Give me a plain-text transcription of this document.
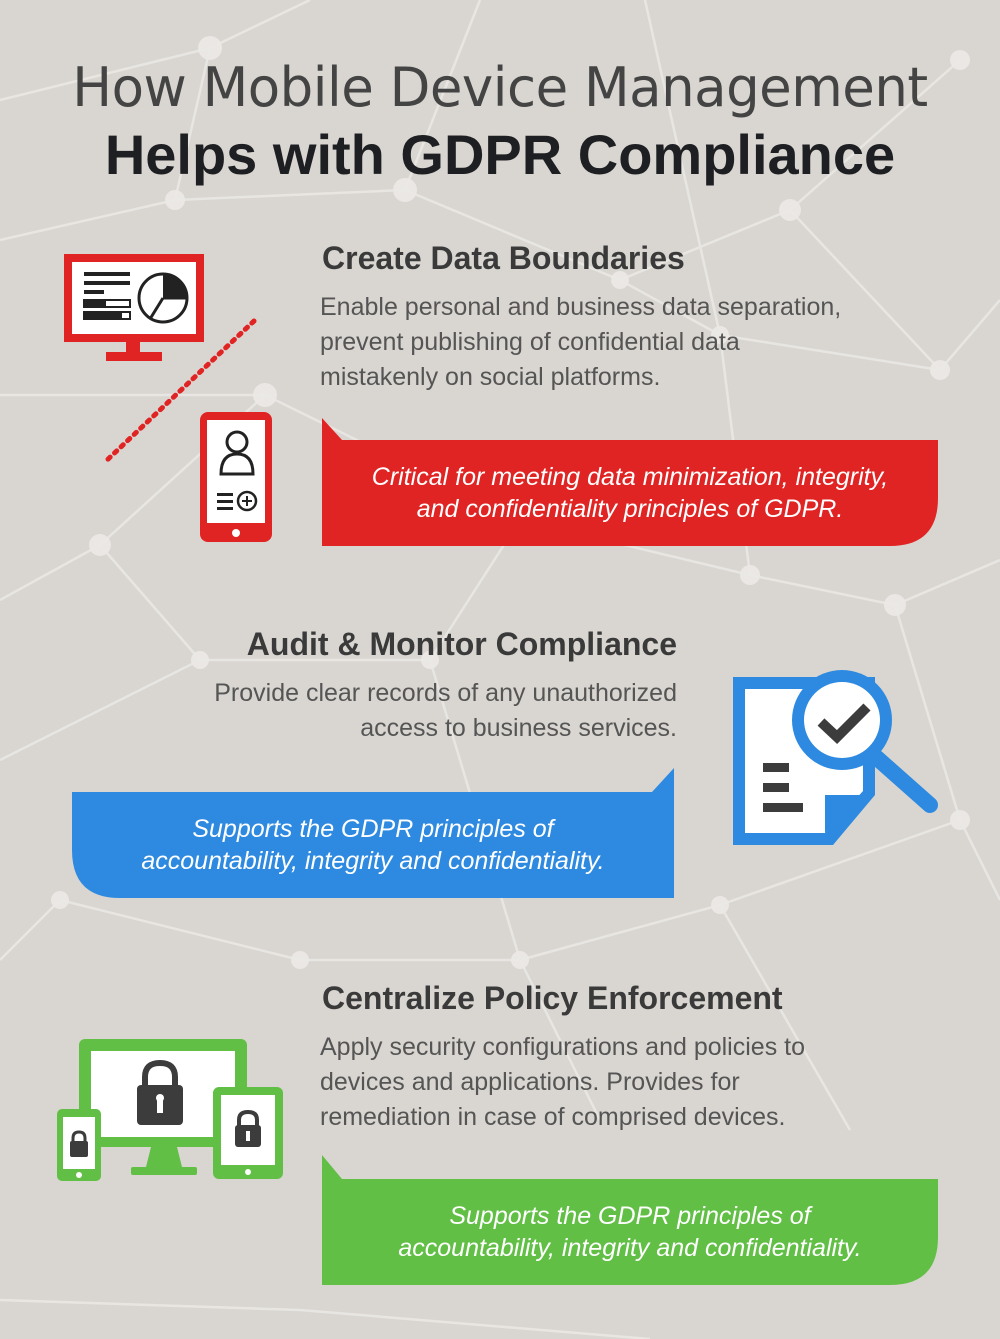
How Mobile Device Management
Helps with GDPR Compliance
Create Data Boundaries
Enable personal and business data separation,
prevent publishing of confidential data
mistakenly on social platforms.
Critical for meeting data minimization, integrity,
and confidentiality principles of GDPR.
Audit & Monitor Compliance
Provide clear records of any unauthorized
access to business services.
Supports the GDPR principles of
accountability, integrity and confidentiality.
Centralize Policy Enforcement
Apply security configurations and policies to
devices and applications. Provides for
remediation in case of comprised devices.
Supports the GDPR principles of
accountability, integrity and confidentiality.
